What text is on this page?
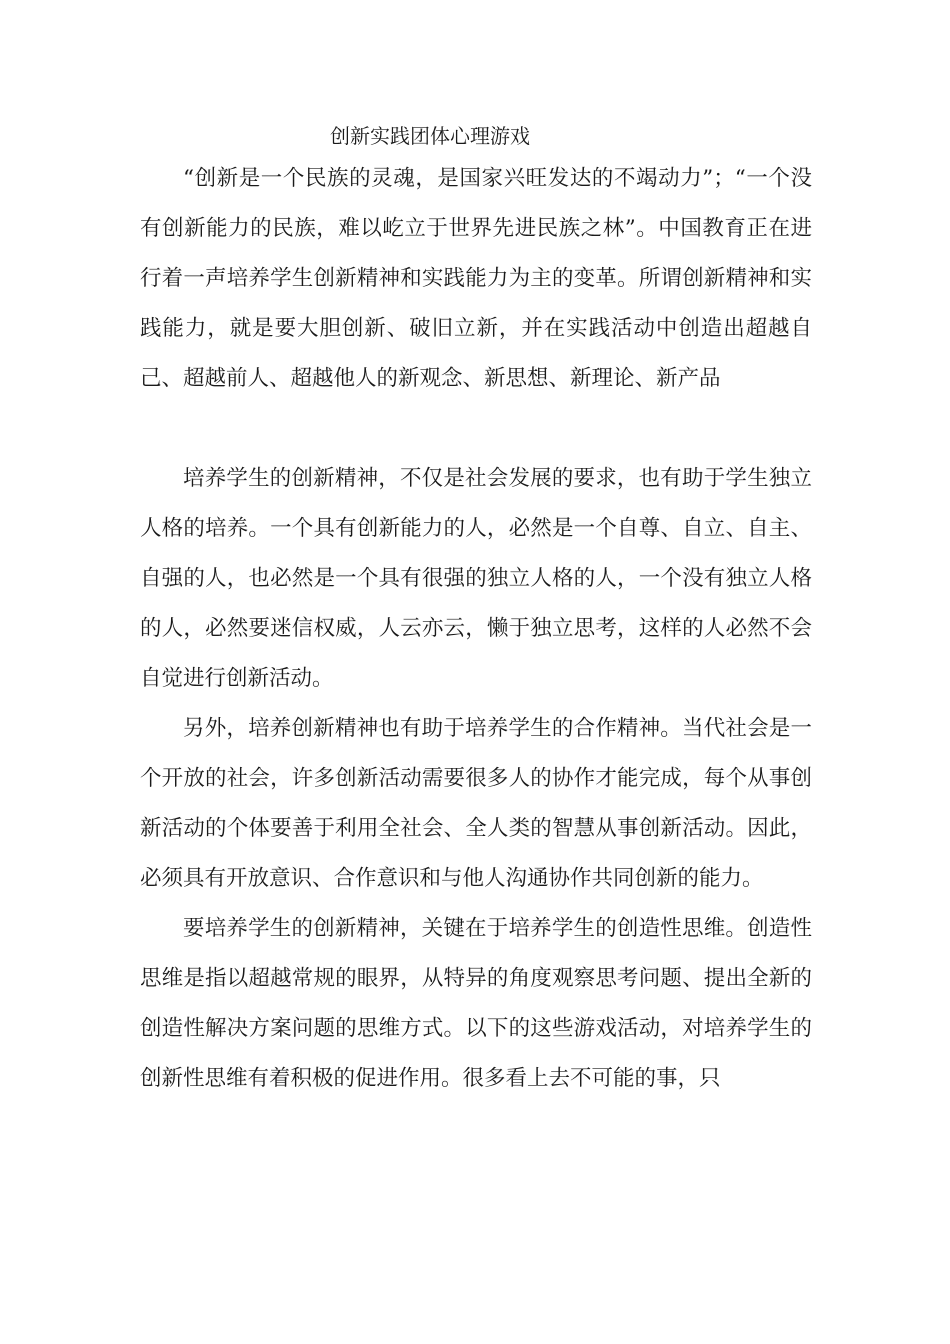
创新实践团体心理游戏

“创新是一个民族的灵魂，是国家兴旺发达的不竭动力”；“一个没有创新能力的民族，难以屹立于世界先进民族之林”。中国教育正在进行着一声培养学生创新精神和实践能力为主的变革。所谓创新精神和实践能力，就是要大胆创新、破旧立新，并在实践活动中创造出超越自己、超越前人、超越他人的新观念、新思想、新理论、新产品

培养学生的创新精神，不仅是社会发展的要求，也有助于学生独立人格的培养。一个具有创新能力的人，必然是一个自尊、自立、自主、自强的人，也必然是一个具有很强的独立人格的人，一个没有独立人格的人，必然要迷信权威，人云亦云，懒于独立思考，这样的人必然不会自觉进行创新活动。

另外，培养创新精神也有助于培养学生的合作精神。当代社会是一个开放的社会，许多创新活动需要很多人的协作才能完成，每个从事创新活动的个体要善于利用全社会、全人类的智慧从事创新活动。因此，必须具有开放意识、合作意识和与他人沟通协作共同创新的能力。

要培养学生的创新精神，关键在于培养学生的创造性思维。创造性思维是指以超越常规的眼界，从特异的角度观察思考问题、提出全新的创造性解决方案问题的思维方式。以下的这些游戏活动，对培养学生的创新性思维有着积极的促进作用。很多看上去不可能的事，只
